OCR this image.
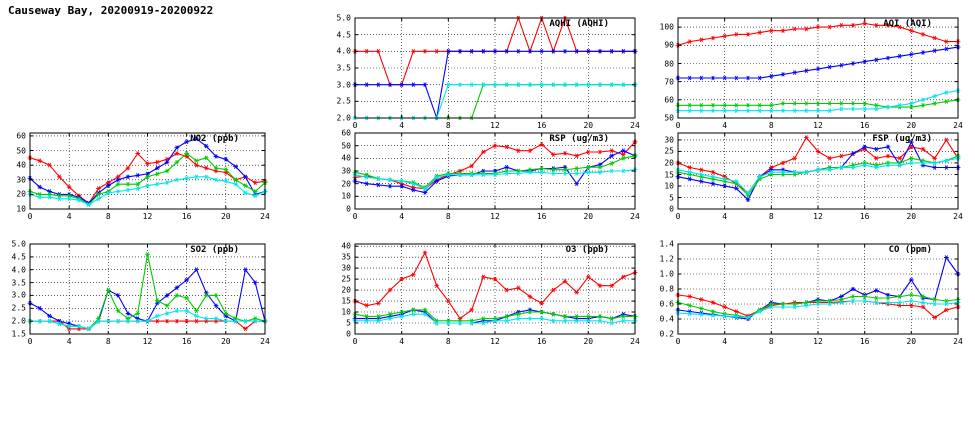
Causeway Bay, 20200919-20200922
AQHI (AQHI)
0	4	8	12	16	20	24
2.0
2.5
3.0
3.5
4.0
4.5
5.0
AQI (AQI)
0	4	8	12	16	20	24
50
60
70
80
90
100
NO2 (ppb)
0	4	8	12	16	20	24
10
20
30
40
50
60	RSP (ug/m3)
0	4	8	12	16	20	24
0
10
20
30
40
50
60
FSP (ug/m3)
0	4	8	12	16	20	24
0
5
10
15
20
25
30
SO2 (ppb)
0	4	8	12	16	20	24
1.5
2.0
2.5
3.0
3.5
4.0
4.5
5.0
O3 (ppb)
0	4	8	12	16	20	24
0
5
10
15
20
25
30
35
40	CO (ppm)
0	4	8	12	16	20	24
0.2
0.4
0.6
0.8
1.0
1.2
1.4
